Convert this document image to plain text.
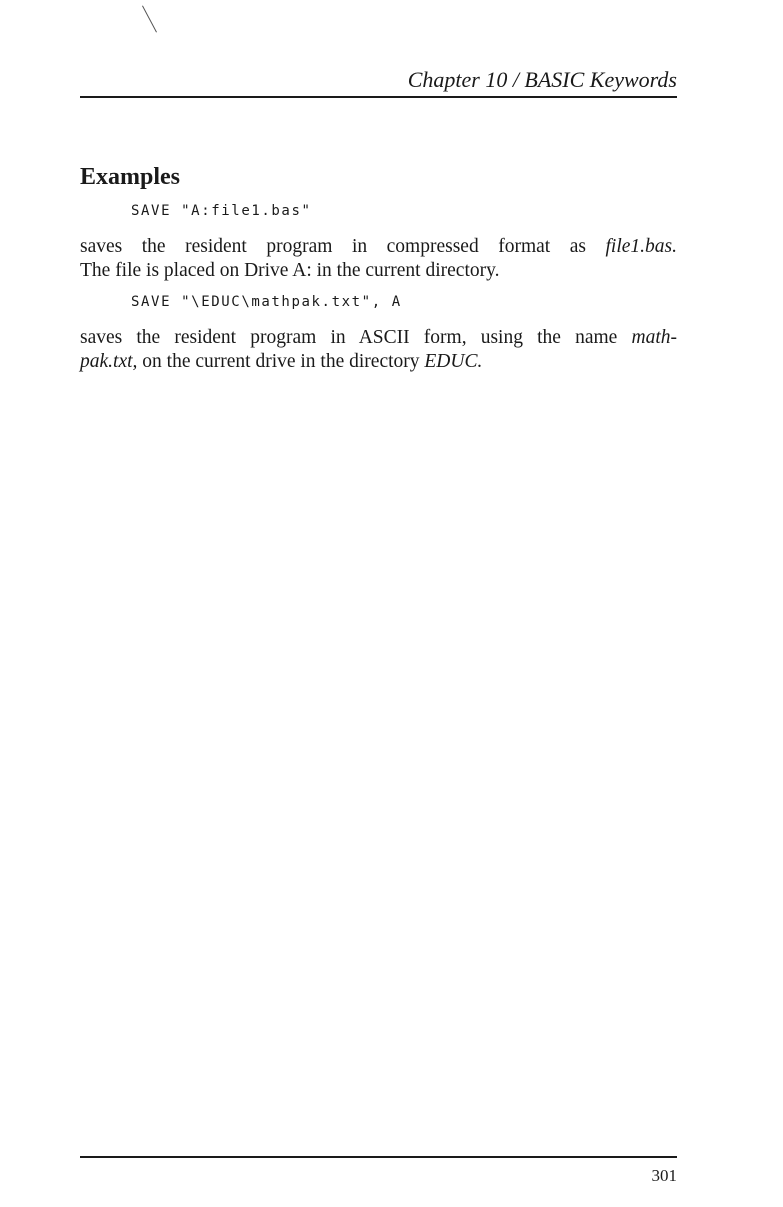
Chapter 10 / BASIC Keywords
Examples
SAVE "A:file1.bas"

saves the resident program in compressed format as file1.bas.
The file is placed on Drive A: in the current directory.

SAVE "\EDUC\mathpak.txt", A

saves the resident program in ASCII form, using the name math-
pak.txt, on the current drive in the directory EDUC.

301
